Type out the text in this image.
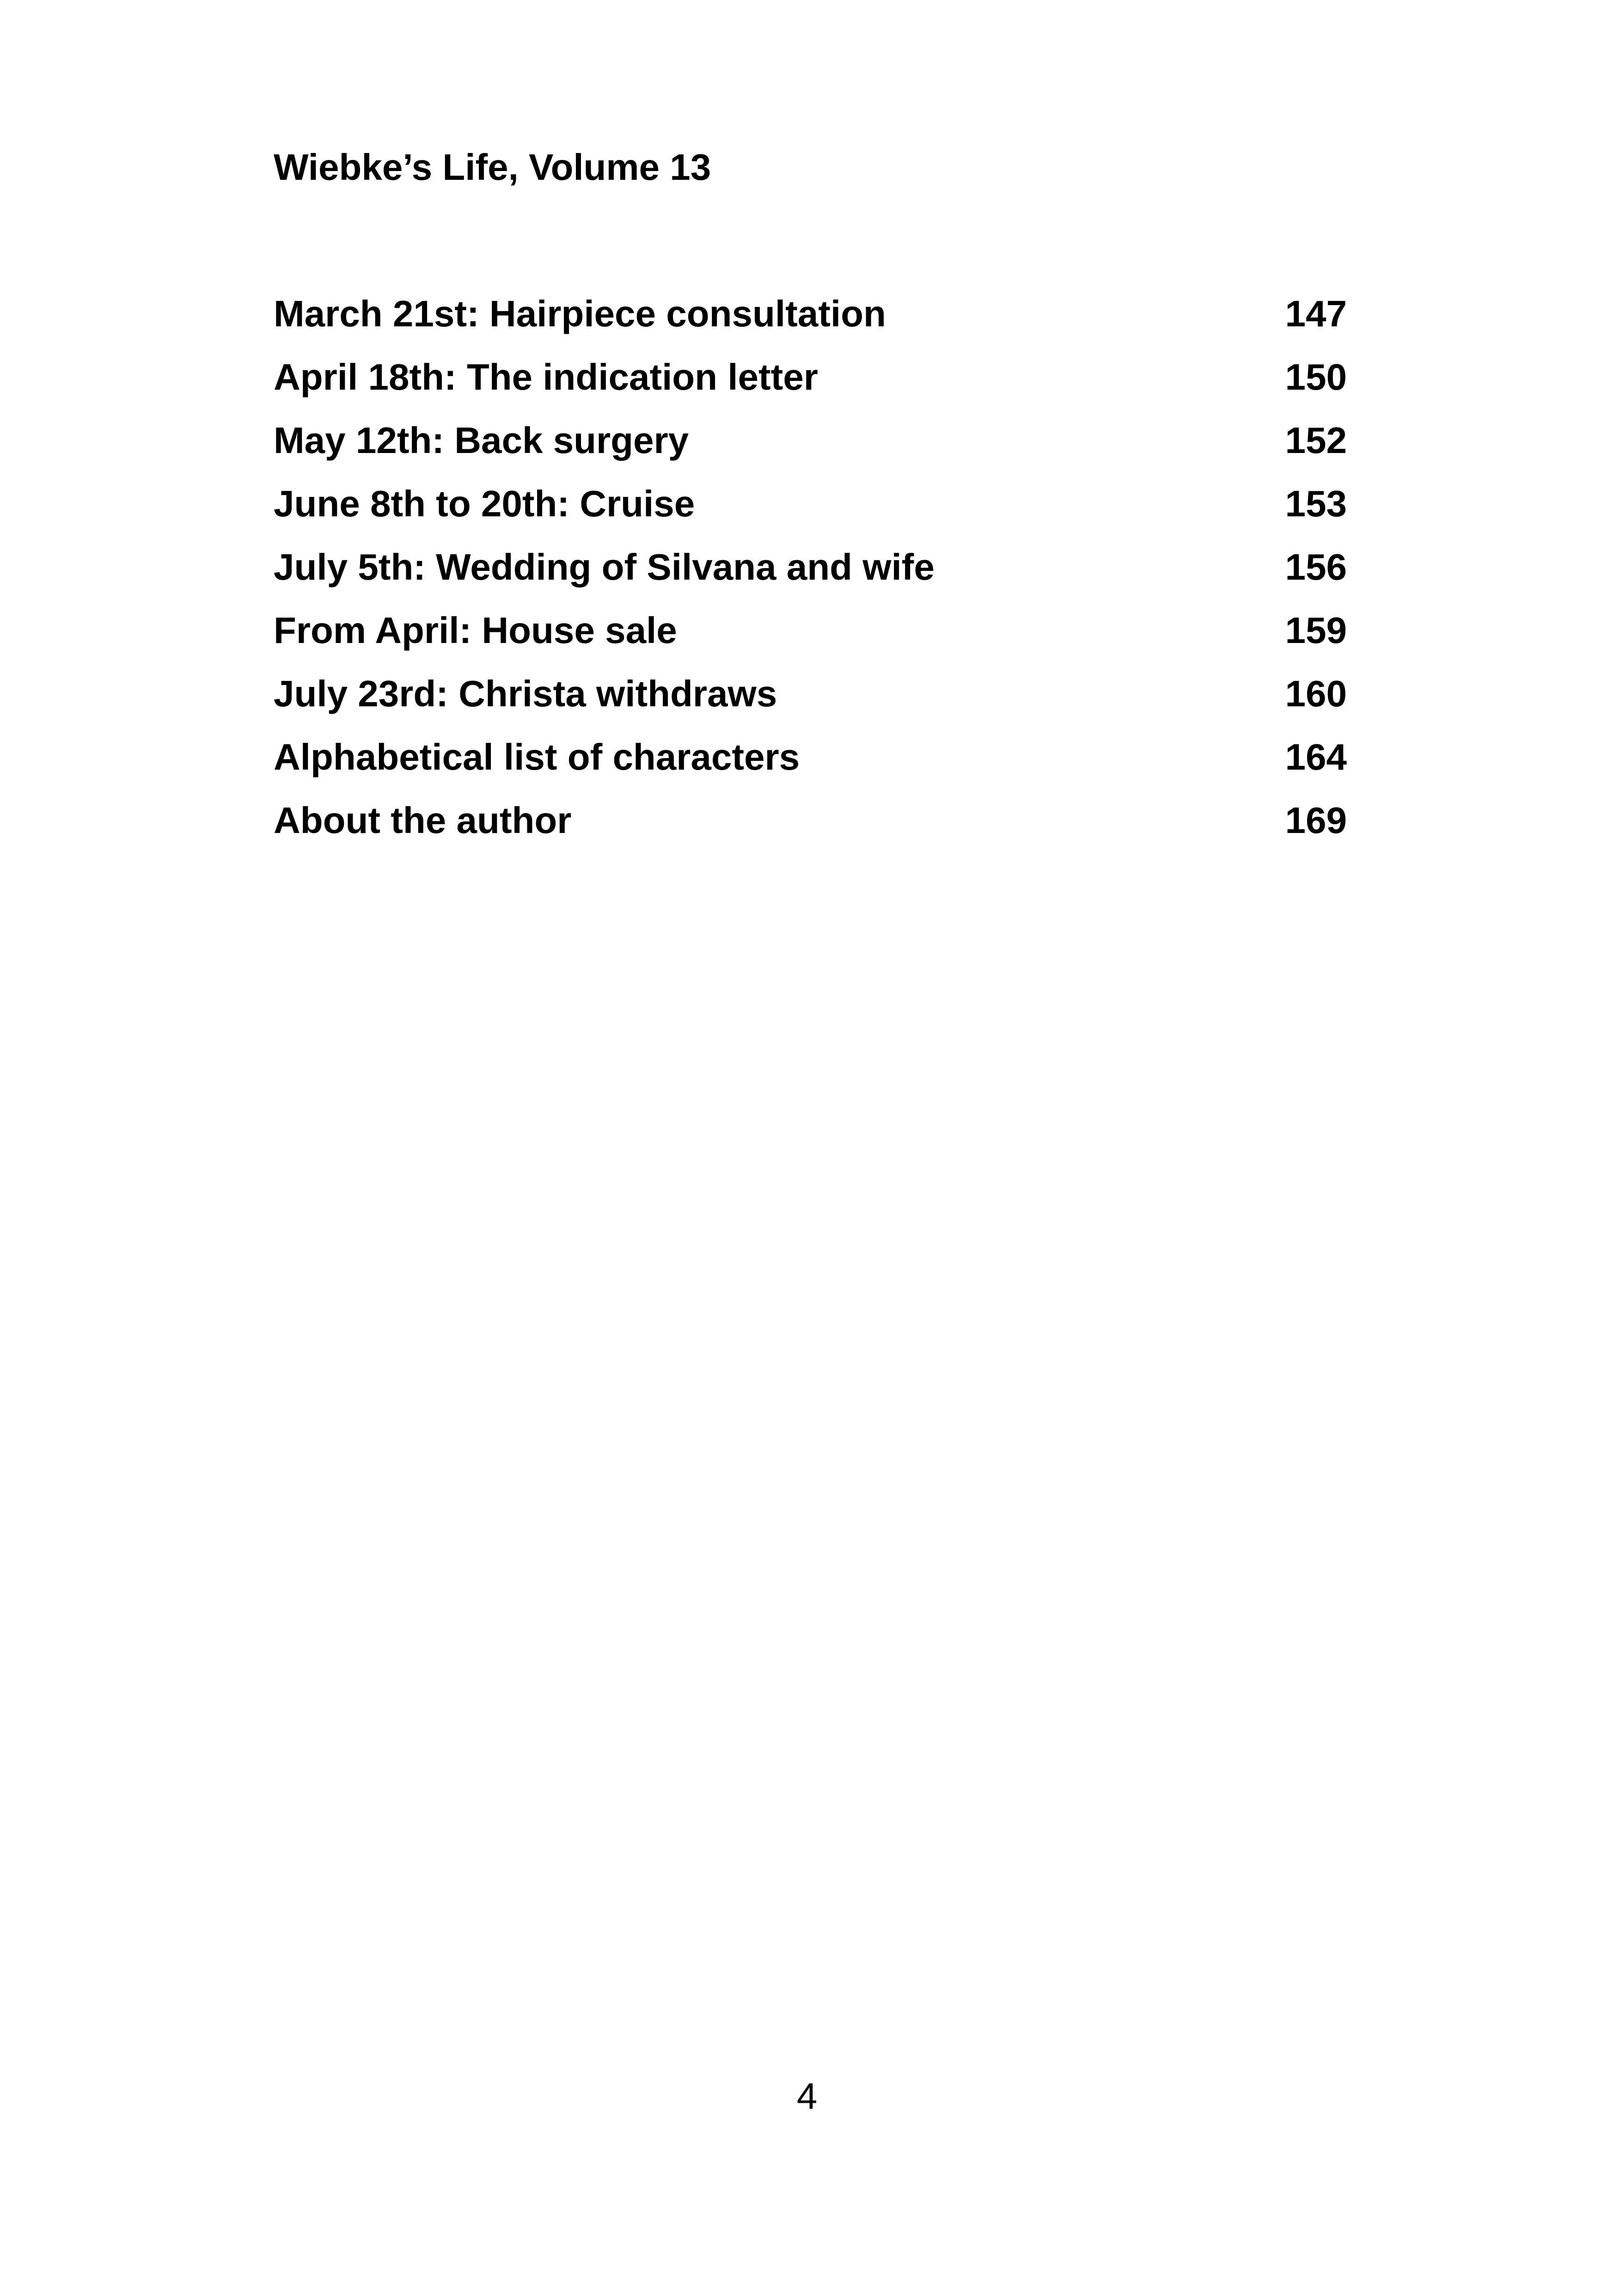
Wiebke’s Life, Volume 13
March 21st: Hairpiece consultation	147
April 18th: The indication letter	150
May 12th: Back surgery	152
June 8th to 20th: Cruise	153
July 5th: Wedding of Silvana and wife	156
From April: House sale	159
July 23rd: Christa withdraws	160
Alphabetical list of characters	164
About the author	169
4
